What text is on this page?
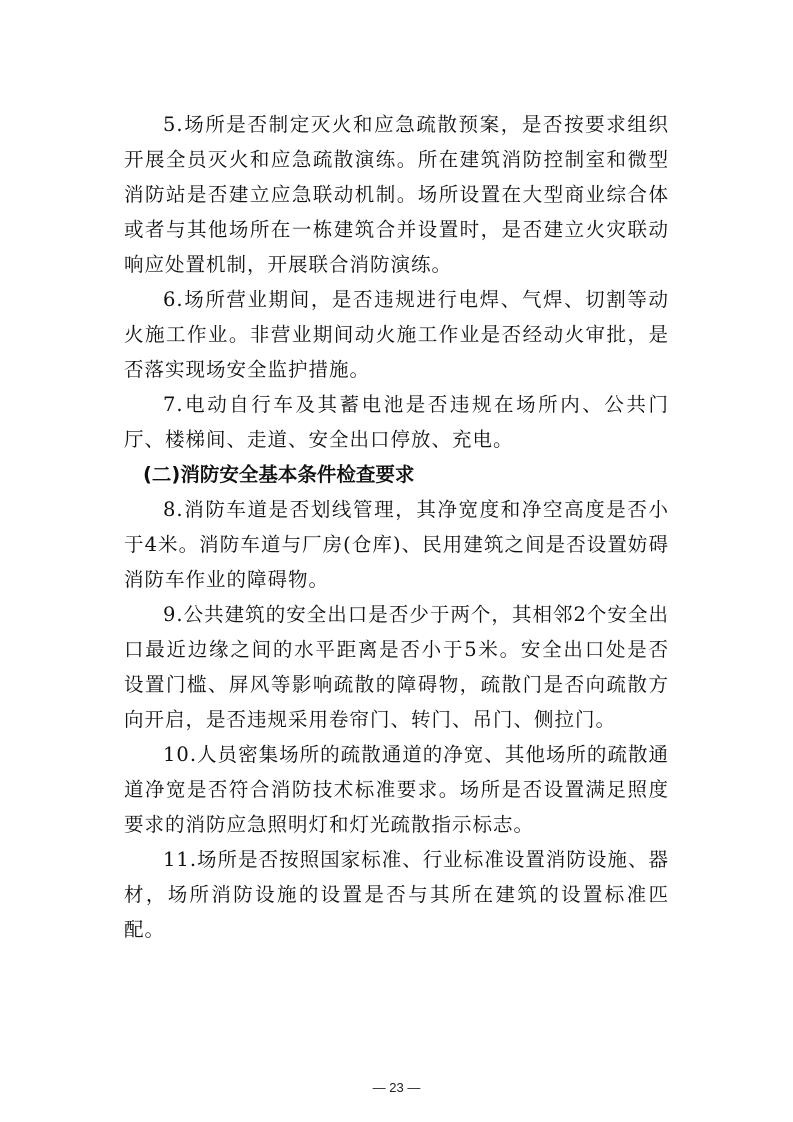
5.场所是否制定灭火和应急疏散预案，是否按要求组织开展全员灭火和应急疏散演练。所在建筑消防控制室和微型消防站是否建立应急联动机制。场所设置在大型商业综合体或者与其他场所在一栋建筑合并设置时，是否建立火灾联动响应处置机制，开展联合消防演练。

6.场所营业期间，是否违规进行电焊、气焊、切割等动火施工作业。非营业期间动火施工作业是否经动火审批，是否落实现场安全监护措施。

7.电动自行车及其蓄电池是否违规在场所内、公共门厅、楼梯间、走道、安全出口停放、充电。

(二)消防安全基本条件检查要求

8.消防车道是否划线管理，其净宽度和净空高度是否小于4米。消防车道与厂房(仓库)、民用建筑之间是否设置妨碍消防车作业的障碍物。

9.公共建筑的安全出口是否少于两个，其相邻2个安全出口最近边缘之间的水平距离是否小于5米。安全出口处是否设置门槛、屏风等影响疏散的障碍物，疏散门是否向疏散方向开启，是否违规采用卷帘门、转门、吊门、侧拉门。

10.人员密集场所的疏散通道的净宽、其他场所的疏散通道净宽是否符合消防技术标准要求。场所是否设置满足照度要求的消防应急照明灯和灯光疏散指示标志。

11.场所是否按照国家标准、行业标准设置消防设施、器材，场所消防设施的设置是否与其所在建筑的设置标准匹配。

— 23 —
